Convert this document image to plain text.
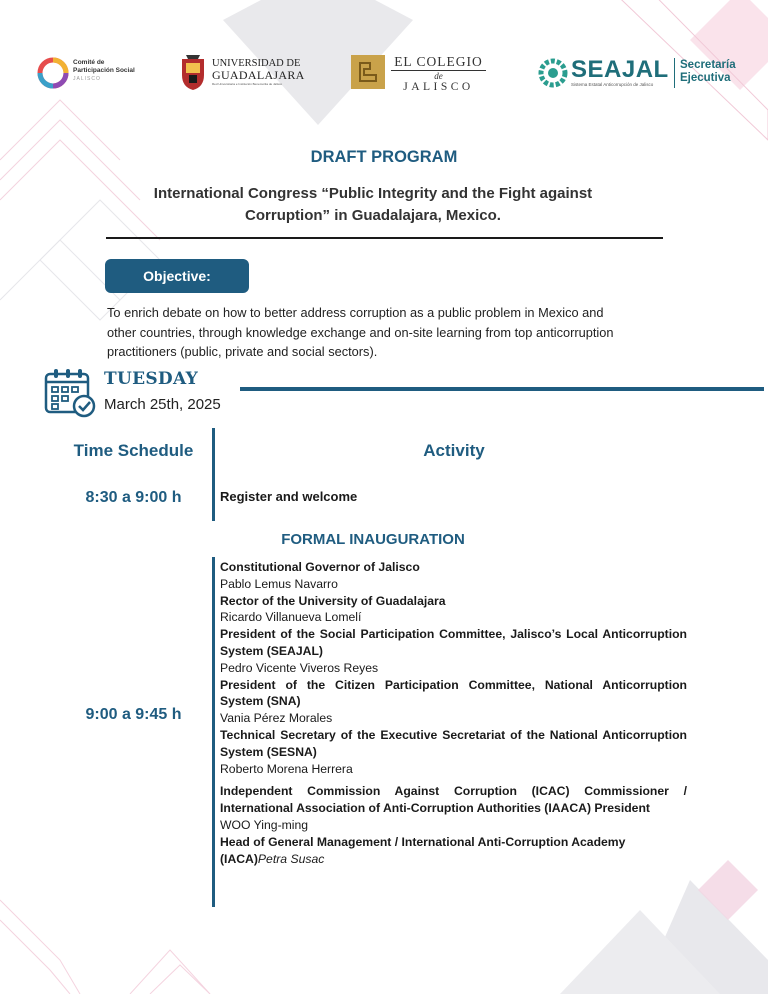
Comité de
Participación Social
JALISCO
UNIVERSIDAD DE
GUADALAJARA
Red Universitaria e Institución Benemérita de Jalisco
EL COLEGIO
de
JALISCO
SEAJAL
Sistema Estatal Anticorrupción de Jalisco
Secretaría
Ejecutiva
DRAFT PROGRAM
International Congress “Public Integrity and the Fight against
Corruption” in Guadalajara, Mexico.
Objective:
To enrich debate on how to better address corruption as a public problem in Mexico and
other countries, through knowledge exchange and on-site learning from top anticorruption
practitioners (public, private and social sectors).
TUESDAY
March 25th, 2025
Time Schedule	Activity
8:30 a 9:00 h	Register and welcome
FORMAL INAUGURATION
9:00 a 9:45 h
Constitutional Governor of Jalisco
Pablo Lemus Navarro
Rector of the University of Guadalajara
Ricardo Villanueva Lomelí
President of the Social Participation Committee, Jalisco’s Local Anticorruption System (SEAJAL)
Pedro Vicente Viveros Reyes
President of the Citizen Participation Committee, National Anticorruption System (SNA)
Vania Pérez Morales
Technical Secretary of the Executive Secretariat of the National Anticorruption System (SESNA)
Roberto Morena Herrera
Independent Commission Against Corruption (ICAC) Commissioner / International Association of Anti-Corruption Authorities (IAACA) President
WOO Ying-ming
Head of General Management / International Anti-Corruption Academy (IACA)Petra Susac
